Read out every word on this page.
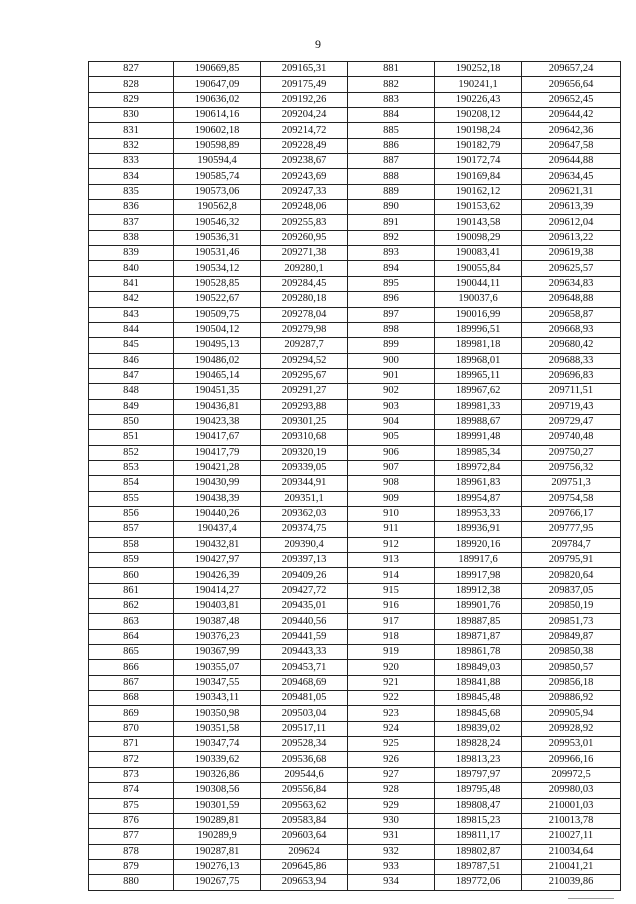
9
827	190669,85	209165,31	881	190252,18	209657,24
828	190647,09	209175,49	882	190241,1	209656,64
829	190636,02	209192,26	883	190226,43	209652,45
830	190614,16	209204,24	884	190208,12	209644,42
831	190602,18	209214,72	885	190198,24	209642,36
832	190598,89	209228,49	886	190182,79	209647,58
833	190594,4	209238,67	887	190172,74	209644,88
834	190585,74	209243,69	888	190169,84	209634,45
835	190573,06	209247,33	889	190162,12	209621,31
836	190562,8	209248,06	890	190153,62	209613,39
837	190546,32	209255,83	891	190143,58	209612,04
838	190536,31	209260,95	892	190098,29	209613,22
839	190531,46	209271,38	893	190083,41	209619,38
840	190534,12	209280,1	894	190055,84	209625,57
841	190528,85	209284,45	895	190044,11	209634,83
842	190522,67	209280,18	896	190037,6	209648,88
843	190509,75	209278,04	897	190016,99	209658,87
844	190504,12	209279,98	898	189996,51	209668,93
845	190495,13	209287,7	899	189981,18	209680,42
846	190486,02	209294,52	900	189968,01	209688,33
847	190465,14	209295,67	901	189965,11	209696,83
848	190451,35	209291,27	902	189967,62	209711,51
849	190436,81	209293,88	903	189981,33	209719,43
850	190423,38	209301,25	904	189988,67	209729,47
851	190417,67	209310,68	905	189991,48	209740,48
852	190417,79	209320,19	906	189985,34	209750,27
853	190421,28	209339,05	907	189972,84	209756,32
854	190430,99	209344,91	908	189961,83	209751,3
855	190438,39	209351,1	909	189954,87	209754,58
856	190440,26	209362,03	910	189953,33	209766,17
857	190437,4	209374,75	911	189936,91	209777,95
858	190432,81	209390,4	912	189920,16	209784,7
859	190427,97	209397,13	913	189917,6	209795,91
860	190426,39	209409,26	914	189917,98	209820,64
861	190414,27	209427,72	915	189912,38	209837,05
862	190403,81	209435,01	916	189901,76	209850,19
863	190387,48	209440,56	917	189887,85	209851,73
864	190376,23	209441,59	918	189871,87	209849,87
865	190367,99	209443,33	919	189861,78	209850,38
866	190355,07	209453,71	920	189849,03	209850,57
867	190347,55	209468,69	921	189841,88	209856,18
868	190343,11	209481,05	922	189845,48	209886,92
869	190350,98	209503,04	923	189845,68	209905,94
870	190351,58	209517,11	924	189839,02	209928,92
871	190347,74	209528,34	925	189828,24	209953,01
872	190339,62	209536,68	926	189813,23	209966,16
873	190326,86	209544,6	927	189797,97	209972,5
874	190308,56	209556,84	928	189795,48	209980,03
875	190301,59	209563,62	929	189808,47	210001,03
876	190289,81	209583,84	930	189815,23	210013,78
877	190289,9	209603,64	931	189811,17	210027,11
878	190287,81	209624	932	189802,87	210034,64
879	190276,13	209645,86	933	189787,51	210041,21
880	190267,75	209653,94	934	189772,06	210039,86
